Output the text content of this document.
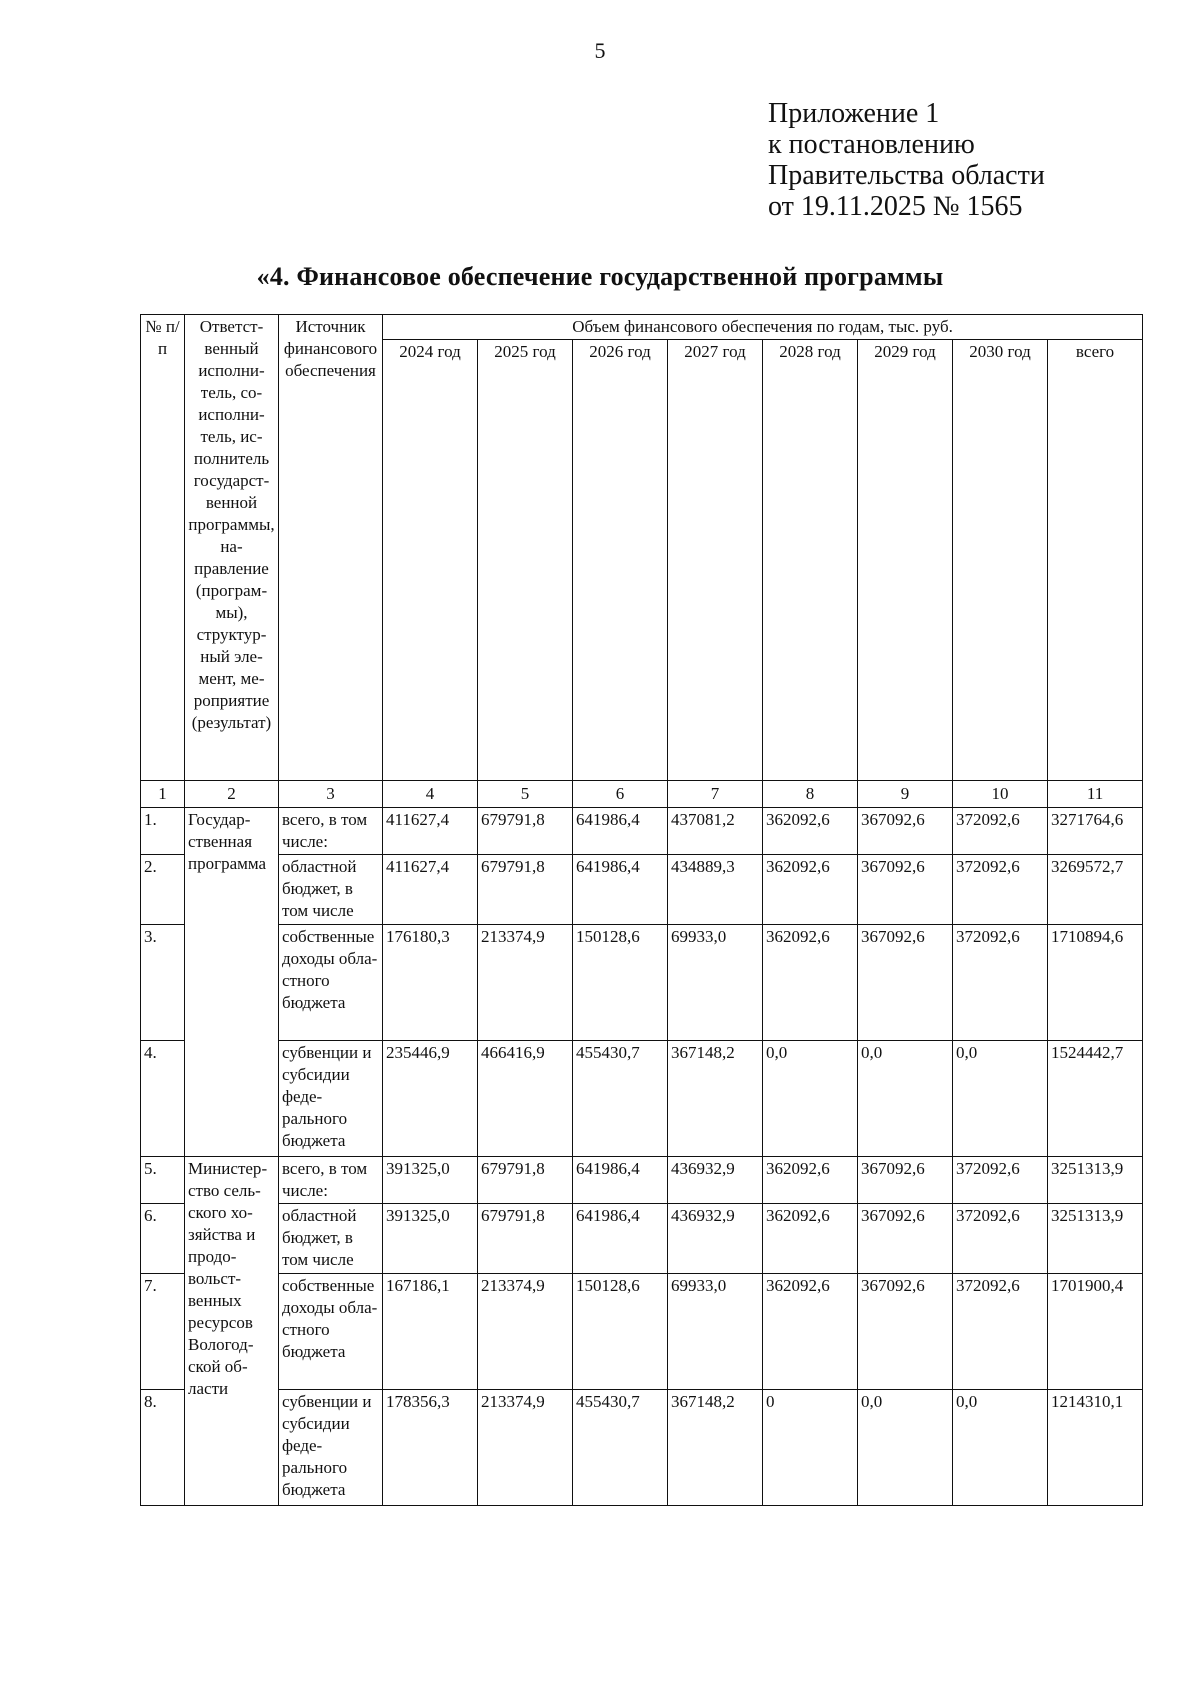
5
Приложение 1
к постановлению
Правительства области
от 19.11.2025 № 1565
«4. Финансовое обеспечение государственной программы
№ п/п	Ответственный исполнитель, соисполнитель, исполнитель государственной программы, направление (программы), структурный элемент, мероприятие (результат)	Источник финансового обеспечения	Объем финансового обеспечения по годам, тыс. руб.							
			2024 год	2025 год	2026 год	2027 год	2028 год	2029 год	2030 год	всего
1	2	3	4	5	6	7	8	9	10	11
1.	Государственная программа	всего, в том числе:	411627,4	679791,8	641986,4	437081,2	362092,6	367092,6	372092,6	3271764,6
2.		областной бюджет, в том числе	411627,4	679791,8	641986,4	434889,3	362092,6	367092,6	372092,6	3269572,7
3.		собственные доходы областного бюджета	176180,3	213374,9	150128,6	69933,0	362092,6	367092,6	372092,6	1710894,6
4.		субвенции и субсидии федерального бюджета	235446,9	466416,9	455430,7	367148,2	0,0	0,0	0,0	1524442,7
5.	Министерство сельского хозяйства и продовольственных ресурсов Вологодской области	всего, в том числе:	391325,0	679791,8	641986,4	436932,9	362092,6	367092,6	372092,6	3251313,9
6.		областной бюджет, в том числе	391325,0	679791,8	641986,4	436932,9	362092,6	367092,6	372092,6	3251313,9
7.		собственные доходы областного бюджета	167186,1	213374,9	150128,6	69933,0	362092,6	367092,6	372092,6	1701900,4
8.		субвенции и субсидии федерального бюджета	178356,3	213374,9	455430,7	367148,2	0	0,0	0,0	1214310,1
